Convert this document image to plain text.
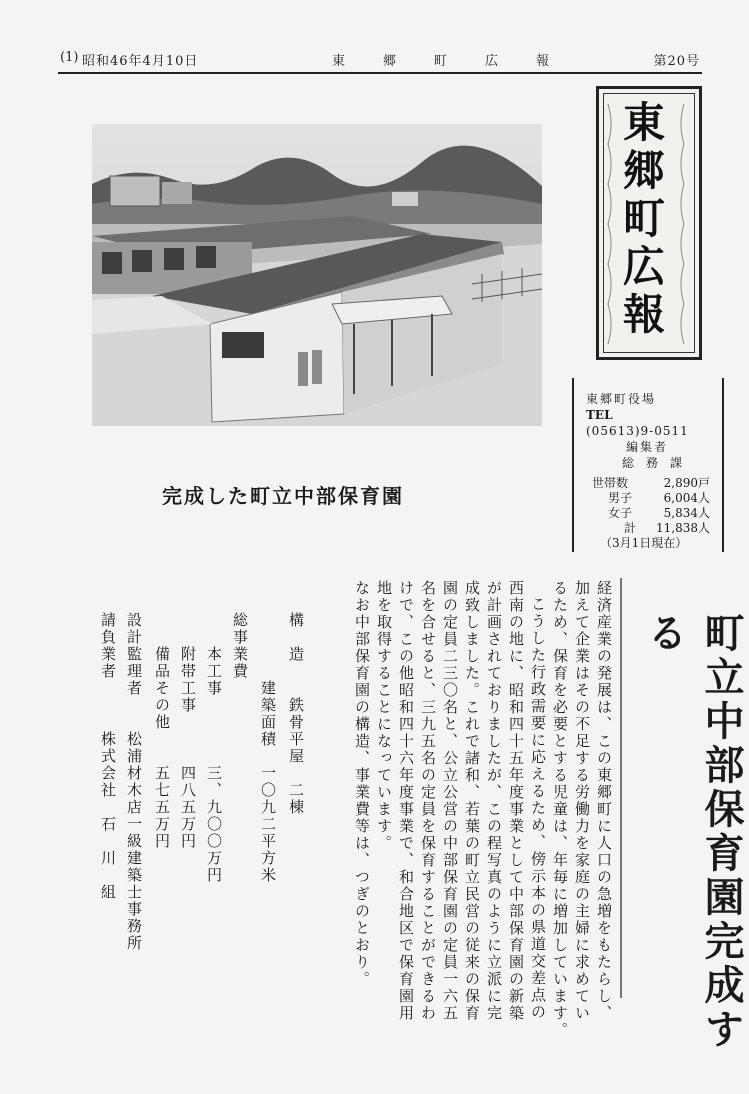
(1) 昭和46年4月10日	東郷町広報	第20号
完成した町立中部保育園
東
郷
町
広
報
東郷町役場
TEL
(05613)9-0511
編集者
総　務　課
世帯数	2,890戸
男子	6,004人
女子	5,834人
計 11,838人
（3月1日現在）
町立中部保育園完成する
経済産業の発展は、この東郷町に人口の急増をもたらし、
加えて企業はその不足する労働力を家庭の主婦に求めてい
るため、保育を必要とする児童は、年毎に増加しています。
こうした行政需要に応えるため、傍示本の県道交差点の
西南の地に、昭和四十五年度事業として中部保育園の新築
が計画されておりましたが、この程写真のように立派に完
成致しました。これで諸和、若葉の町立民営の従来の保育
園の定員二三〇名と、公立公営の中部保育園の定員一六五
名を合せると、三九五名の定員を保育することができるわ
けで、この他昭和四十六年度事業で、和合地区で保育園用
地を取得することになっています。
なお中部保育園の構造、事業費等は、つぎのとおり。
構　造　　鉄骨平屋　二棟
　　　　建築面積　一〇九二平方米
総事業費
　　本工事　　　　三、九〇〇万円
　　附帯工事　　　四八五万円
　　備品その他　　五七五万円
設計監理者　　松浦材木店一級建築士事務所
請負業者　　　株式会社　石　川　組
